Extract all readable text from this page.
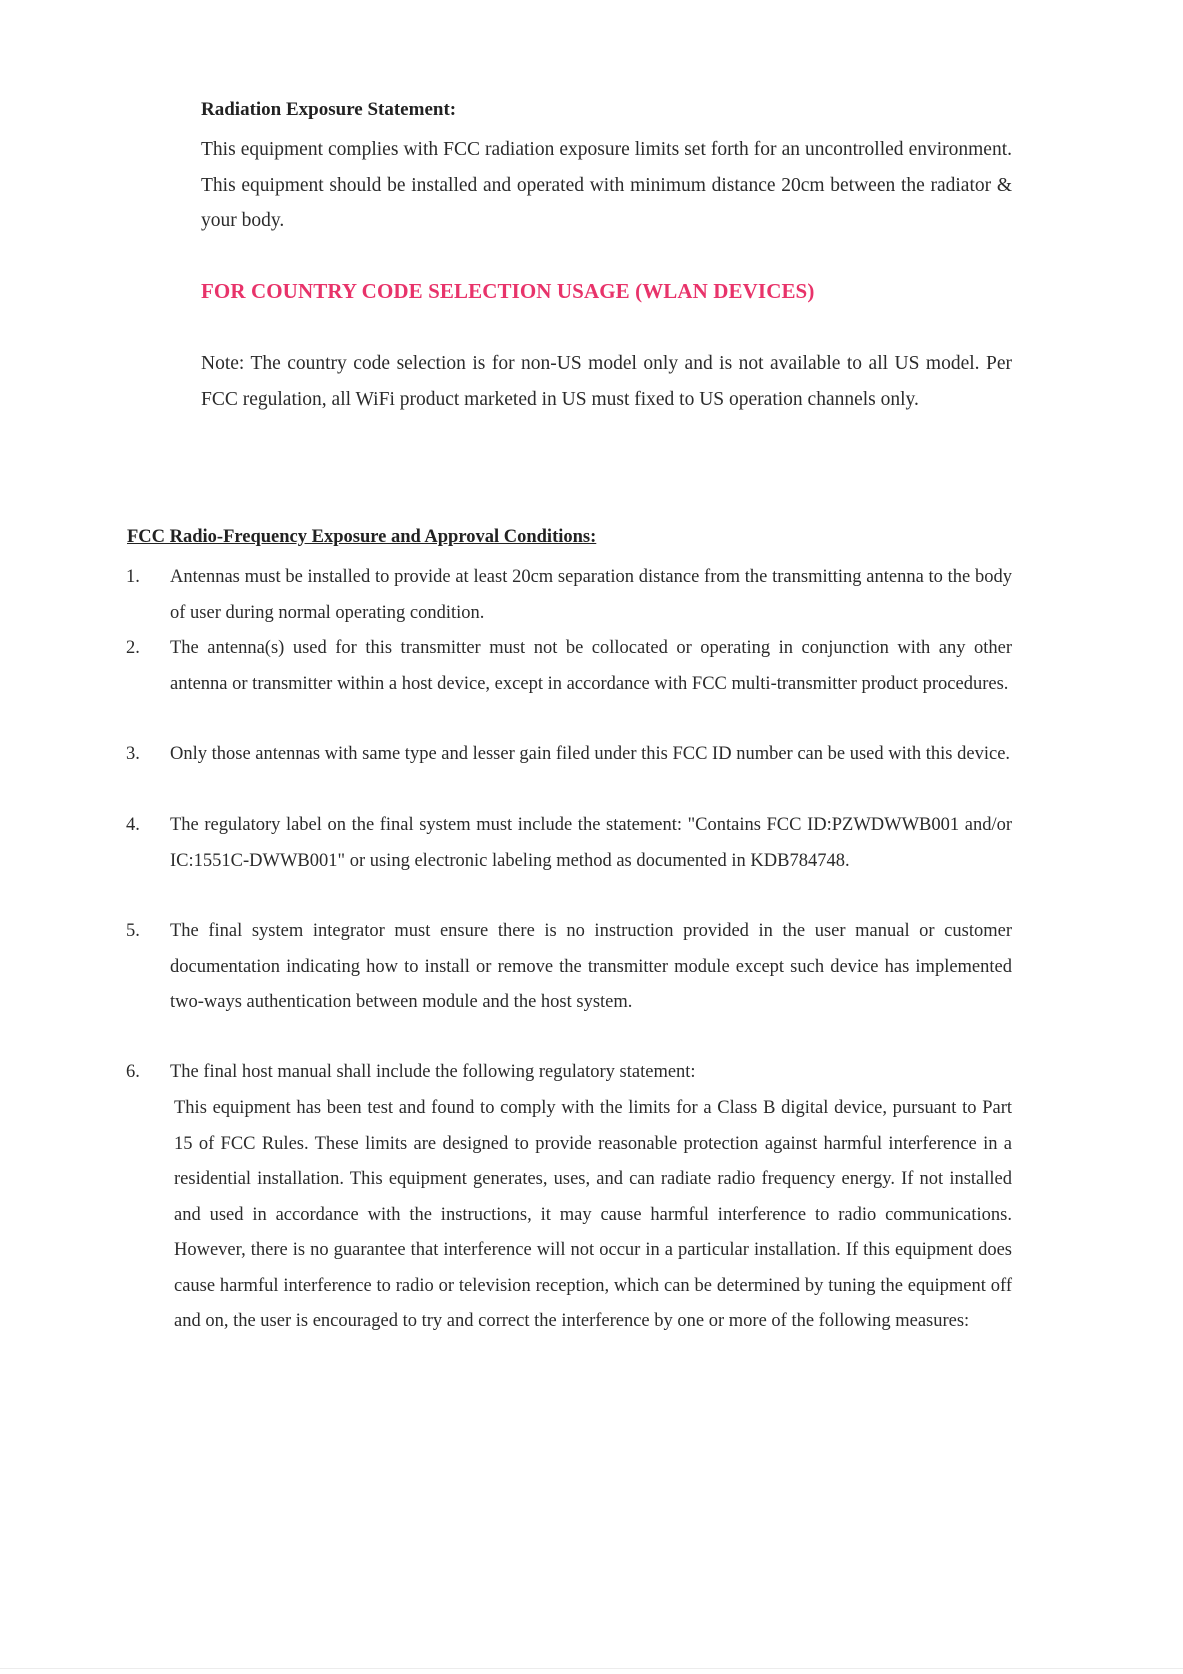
Radiation Exposure Statement:
This equipment complies with FCC radiation exposure limits set forth for an uncontrolled environment. This equipment should be installed and operated with minimum distance 20cm between the radiator & your body.
FOR COUNTRY CODE SELECTION USAGE (WLAN DEVICES)
Note: The country code selection is for non-US model only and is not available to all US model. Per FCC regulation, all WiFi product marketed in US must fixed to US operation channels only.
FCC Radio-Frequency Exposure and Approval Conditions:
1. Antennas must be installed to provide at least 20cm separation distance from the transmitting antenna to the body of user during normal operating condition.
2. The antenna(s) used for this transmitter must not be collocated or operating in conjunction with any other antenna or transmitter within a host device, except in accordance with FCC multi-transmitter product procedures.
3. Only those antennas with same type and lesser gain filed under this FCC ID number can be used with this device.
4. The regulatory label on the final system must include the statement: "Contains FCC ID:PZWDWWB001 and/or IC:1551C-DWWB001" or using electronic labeling method as documented in KDB784748.
5. The final system integrator must ensure there is no instruction provided in the user manual or customer documentation indicating how to install or remove the transmitter module except such device has implemented two-ways authentication between module and the host system.
6. The final host manual shall include the following regulatory statement:
This equipment has been test and found to comply with the limits for a Class B digital device, pursuant to Part 15 of FCC Rules. These limits are designed to provide reasonable protection against harmful interference in a residential installation. This equipment generates, uses, and can radiate radio frequency energy. If not installed and used in accordance with the instructions, it may cause harmful interference to radio communications. However, there is no guarantee that interference will not occur in a particular installation. If this equipment does cause harmful interference to radio or television reception, which can be determined by tuning the equipment off and on, the user is encouraged to try and correct the interference by one or more of the following measures:
